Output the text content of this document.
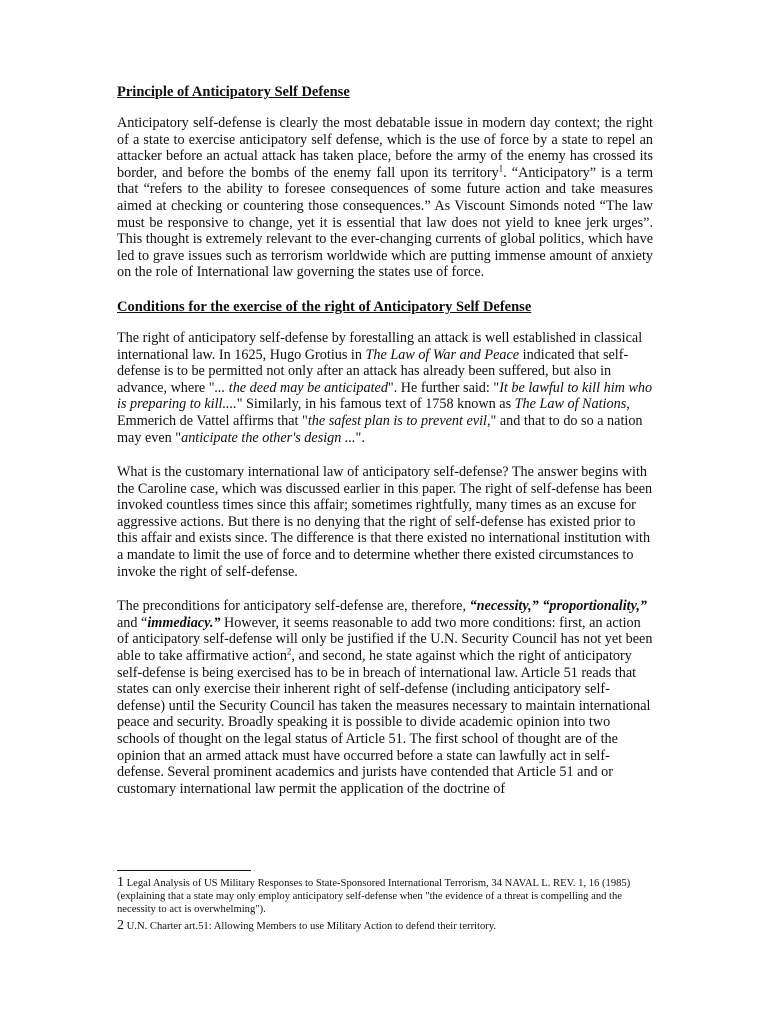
Principle of Anticipatory Self Defense
Anticipatory self-defense is clearly the most debatable issue in modern day context; the right of a state to exercise anticipatory self defense, which is the use of force by a state to repel an attacker before an actual attack has taken place, before the army of the enemy has crossed its border, and before the bombs of the enemy fall upon its territory$^1$. “Anticipatory” is a term that “refers to the ability to foresee consequences of some future action and take measures aimed at checking or countering those consequences.” As Viscount Simonds noted “The law must be responsive to change, yet it is essential that law does not yield to knee jerk urges”. This thought is extremely relevant to the ever-changing currents of global politics, which have led to grave issues such as terrorism worldwide which are putting immense amount of anxiety on the role of International law governing the states use of force.
Conditions for the exercise of the right of Anticipatory Self Defense
The right of anticipatory self-defense by forestalling an attack is well established in classical international law. In 1625, Hugo Grotius in The Law of War and Peace indicated that self-defense is to be permitted not only after an attack has already been suffered, but also in advance, where "... the deed may be anticipated". He further said: "It be lawful to kill him who is preparing to kill...." Similarly, in his famous text of 1758 known as The Law of Nations, Emmerich de Vattel affirms that "the safest plan is to prevent evil," and that to do so a nation may even "anticipate the other's design ...".
What is the customary international law of anticipatory self-defense? The answer begins with the Caroline case, which was discussed earlier in this paper. The right of self-defense has been invoked countless times since this affair; sometimes rightfully, many times as an excuse for aggressive actions. But there is no denying that the right of self-defense has existed prior to this affair and exists since. The difference is that there existed no international institution with a mandate to limit the use of force and to determine whether there existed circumstances to invoke the right of self-defense.
The preconditions for anticipatory self-defense are, therefore, “necessity,” “proportionality,” and “immediacy.” However, it seems reasonable to add two more conditions: first, an action of anticipatory self-defense will only be justified if the U.N. Security Council has not yet been able to take affirmative action$^2$, and second, he state against which the right of anticipatory self-defense is being exercised has to be in breach of international law. Article 51 reads that states can only exercise their inherent right of self-defense (including anticipatory self-defense) until the Security Council has taken the measures necessary to maintain international peace and security. Broadly speaking it is possible to divide academic opinion into two schools of thought on the legal status of Article 51. The first school of thought are of the opinion that an armed attack must have occurred before a state can lawfully act in self-defense. Several prominent academics and jurists have contended that Article 51 and or customary international law permit the application of the doctrine of
1 Legal Analysis of US Military Responses to State-Sponsored International Terrorism, 34 NAVAL L. REV. 1, 16 (1985) (explaining that a state may only employ anticipatory self-defense when "the evidence of a threat is compelling and the necessity to act is overwhelming").
2 U.N. Charter art.51: Allowing Members to use Military Action to defend their territory.
